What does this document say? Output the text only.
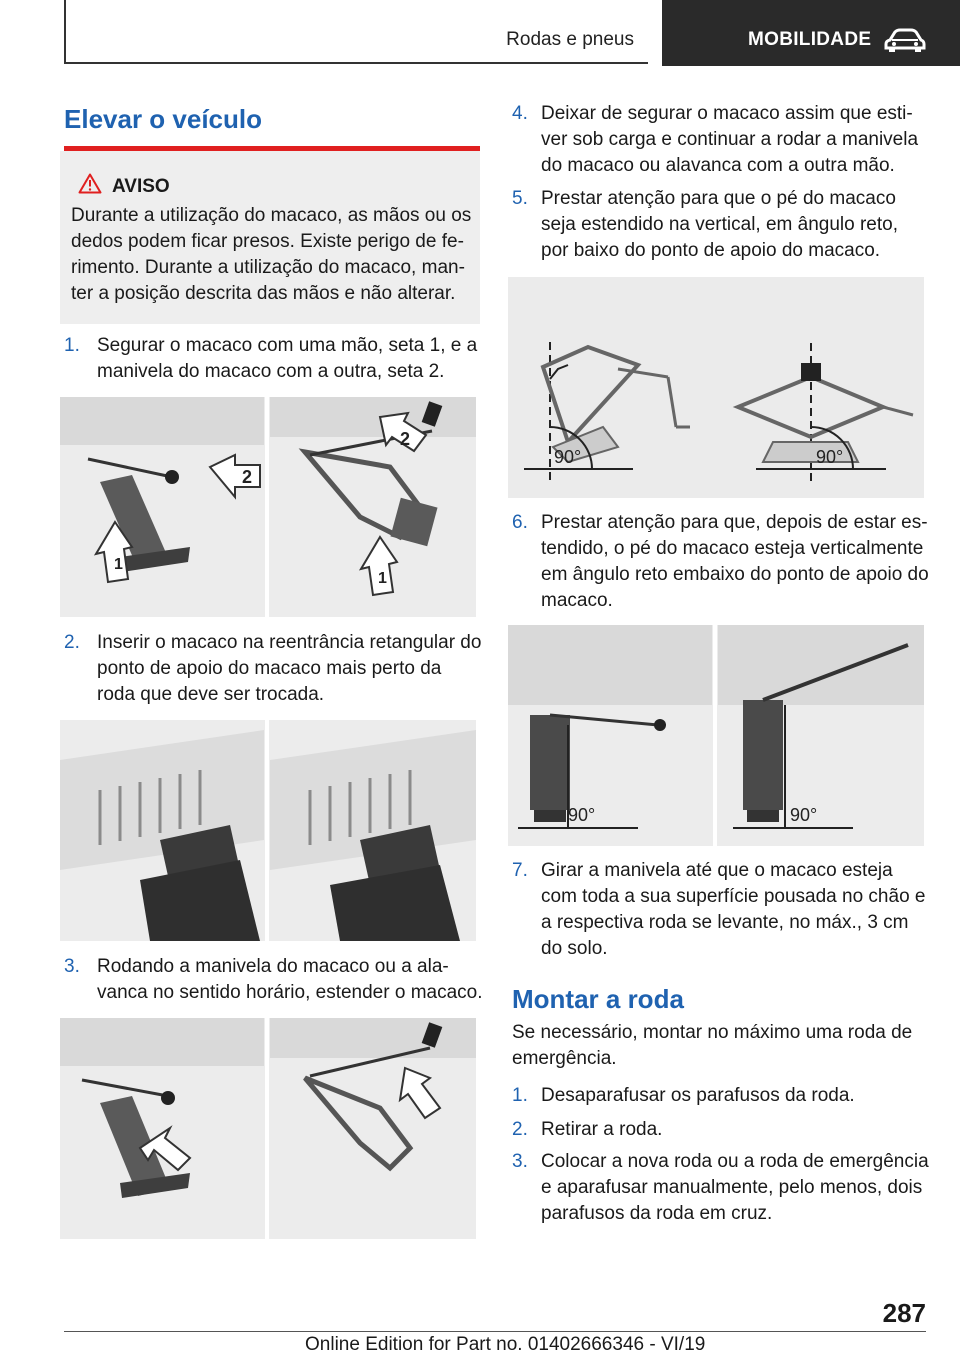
Rodas e pneus	MOBILIDADE
Elevar o veículo
AVISO
Durante a utilização do macaco, as mãos ou os dedos podem ficar presos. Existe perigo de ferimento. Durante a utilização do macaco, manter a posição descrita das mãos e não alterar.
1. Segurar o macaco com uma mão, seta 1, e a manivela do macaco com a outra, seta 2.
2
1
2
1
2. Inserir o macaco na reentrância retangular do ponto de apoio do macaco mais perto da roda que deve ser trocada.
3. Rodando a manivela do macaco ou a alavanca no sentido horário, estender o macaco.
4. Deixar de segurar o macaco assim que estiver sob carga e continuar a rodar a manivela do macaco ou alavanca com a outra mão.
5. Prestar atenção para que o pé do macaco seja estendido na vertical, em ângulo reto, por baixo do ponto de apoio do macaco.
90°	90°
6. Prestar atenção para que, depois de estar estendido, o pé do macaco esteja verticalmente em ângulo reto embaixo do ponto de apoio do macaco.
90°	90°
7. Girar a manivela até que o macaco esteja com toda a sua superfície pousada no chão e a respectiva roda se levante, no máx., 3 cm do solo.
Montar a roda
Se necessário, montar no máximo uma roda de emergência.
1. Desaparafusar os parafusos da roda.
2. Retirar a roda.
3. Colocar a nova roda ou a roda de emergência e aparafusar manualmente, pelo menos, dois parafusos da roda em cruz.
287
Online Edition for Part no. 01402666346 - VI/19
